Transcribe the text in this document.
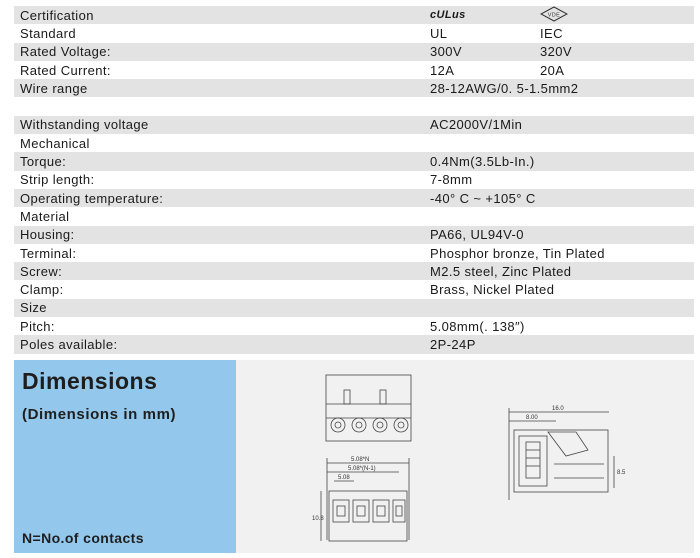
Certification	cULus	VDE
Standard	UL	IEC
Rated Voltage:	300V	320V
Rated Current:	12A	20A
Wire range	28-12AWG/0. 5-1.5mm2
Withstanding voltage	AC2000V/1Min
Mechanical
Torque:	0.4Nm(3.5Lb-In.)
Strip length:	7-8mm
Operating temperature:	-40° C ~ +105° C
Material
Housing:	PA66, UL94V-0
Terminal:	Phosphor bronze, Tin Plated
Screw:	M2.5 steel, Zinc Plated
Clamp:	Brass, Nickel Plated
Size
Pitch:	5.08mm(. 138″)
Poles available:	2P-24P
Dimensions
(Dimensions in mm)
N=No.of contacts
5.08*N
5.08*(N-1)
5.08
10.8
16.0
8.00
8.5
